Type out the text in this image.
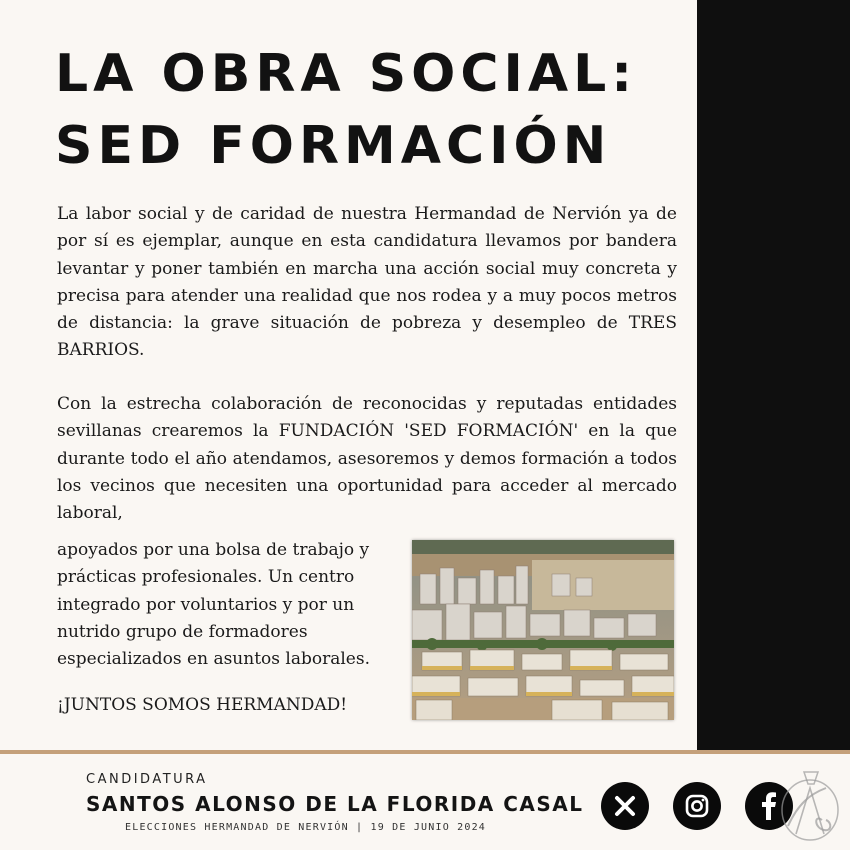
LA OBRA SOCIAL:
SED FORMACIÓN

La labor social y de caridad de nuestra Hermandad de Nervión ya de por sí es ejemplar, aunque en esta candidatura llevamos por bandera levantar y poner también en marcha una acción social muy concreta y precisa para atender una realidad que nos rodea y a muy pocos metros de distancia: la grave situación de pobreza y desempleo de TRES BARRIOS.

Con la estrecha colaboración de reconocidas y reputadas entidades sevillanas crearemos la FUNDACIÓN 'SED FORMACIÓN' en la que durante todo el año atendamos, asesoremos y demos formación a todos los vecinos que necesiten una oportunidad para acceder al mercado laboral,

apoyados por una bolsa de trabajo y prácticas profesionales. Un centro integrado por voluntarios y por un nutrido grupo de formadores especializados en asuntos laborales.

¡JUNTOS SOMOS HERMANDAD!

CANDIDATURA

SANTOS ALONSO DE LA FLORIDA CASAL

ELECCIONES HERMANDAD DE NERVIÓN | 19 DE JUNIO 2024
